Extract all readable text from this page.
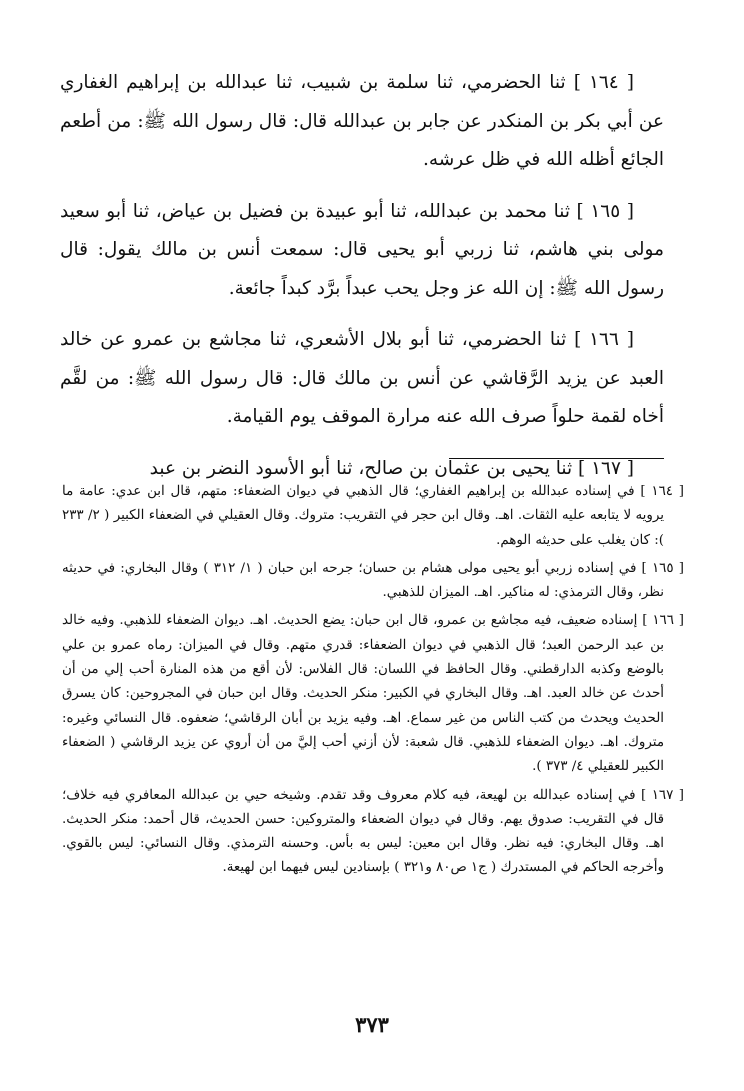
[ ١٦٤ ] ثنا الحضرمي، ثنا سلمة بن شبيب، ثنا عبدالله بن إبراهيم الغفاري عن أبي بكر بن المنكدر عن جابر بن عبدالله قال: قال رسول الله ﷺ: من أطعم الجائع أظله الله في ظل عرشه.

[ ١٦٥ ] ثنا محمد بن عبدالله، ثنا أبو عبيدة بن فضيل بن عياض، ثنا أبو سعيد مولى بني هاشم، ثنا زربي أبو يحيى قال: سمعت أنس بن مالك يقول: قال رسول الله ﷺ: إن الله عز وجل يحب عبداً برَّد كبداً جائعة.

[ ١٦٦ ] ثنا الحضرمي، ثنا أبو بلال الأشعري، ثنا مجاشع بن عمرو عن خالد العبد عن يزيد الرَّقاشي عن أنس بن مالك قال: قال رسول الله ﷺ: من لقَّم أخاه لقمة حلواً صرف الله عنه مرارة الموقف يوم القيامة.

[ ١٦٧ ] ثنا يحيى بن عثمان بن صالح، ثنا أبو الأسود النضر بن عبد

[ ١٦٤ ] في إسناده عبدالله بن إبراهيم الغفاري؛ قال الذهبي في ديوان الضعفاء: متهم، قال ابن عدي: عامة ما يرويه لا يتابعه عليه الثقات. اهـ. وقال ابن حجر في التقريب: متروك. وقال العقيلي في الضعفاء الكبير ( ٢/ ٢٣٣ ): كان يغلب على حديثه الوهم.

[ ١٦٥ ] في إسناده زربي أبو يحيى مولى هشام بن حسان؛ جرحه ابن حبان ( ١/ ٣١٢ ) وقال البخاري: في حديثه نظر، وقال الترمذي: له مناكير. اهـ. الميزان للذهبي.

[ ١٦٦ ] إسناده ضعيف، فيه مجاشع بن عمرو، قال ابن حبان: يضع الحديث. اهـ. ديوان الضعفاء للذهبي. وفيه خالد بن عبد الرحمن العبد؛ قال الذهبي في ديوان الضعفاء: قدري متهم. وقال في الميزان: رماه عمرو بن علي بالوضع وكذبه الدارقطني. وقال الحافظ في اللسان: قال الفلاس: لأن أقع من هذه المنارة أحب إلي من أن أحدث عن خالد العبد. اهـ. وقال البخاري في الكبير: منكر الحديث. وقال ابن حبان في المجروحين: كان يسرق الحديث ويحدث من كتب الناس من غير سماع. اهـ. وفيه يزيد بن أبان الرقاشي؛ ضعفوه. قال النسائي وغيره: متروك. اهـ. ديوان الضعفاء للذهبي. قال شعبة: لأن أزني أحب إليَّ من أن أروي عن يزيد الرقاشي ( الضعفاء الكبير للعقيلي ٤/ ٣٧٣ ).

[ ١٦٧ ] في إسناده عبدالله بن لهيعة، فيه كلام معروف وقد تقدم. وشيخه حيي بن عبدالله المعافري فيه خلاف؛ قال في التقريب: صدوق يهم. وقال في ديوان الضعفاء والمتروكين: حسن الحديث، قال أحمد: منكر الحديث. اهـ. وقال البخاري: فيه نظر. وقال ابن معين: ليس به بأس. وحسنه الترمذي. وقال النسائي: ليس بالقوي. وأخرجه الحاكم في المستدرك ( ج١ ص٨٠ و٣٢١ ) بإسنادين ليس فيهما ابن لهيعة.

٣٧٣
